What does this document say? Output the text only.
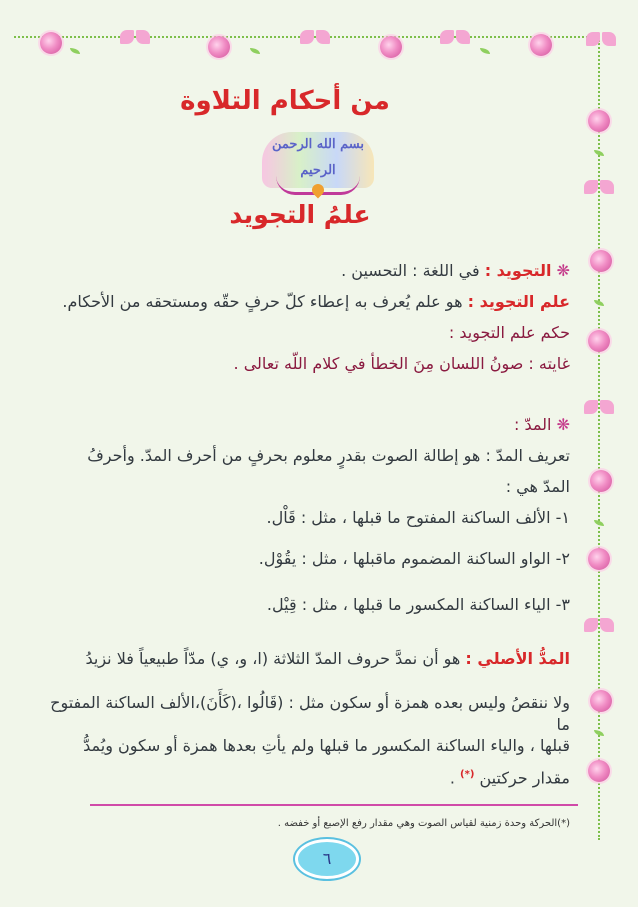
من أحكام التلاوة
بسم الله الرحمن الرحيم
علمُ التجويد
❋ التجويد : في اللغة : التحسين .
علم التجويد : هو علم يُعرف به إعطاء كلّ حرفٍ حقّه ومستحقه من الأحكام.
حكم علم التجويد :
غايته : صونُ اللسان مِنَ الخطأ في كلام اللّه تعالى .
❋ المدّ :
تعريف المدّ : هو إطالة الصوت بقدرٍ معلوم بحرفٍ من أحرف المدّ. وأحرفُ
المدّ هي :
١- الألف الساكنة المفتوح ما قبلها ، مثل : قَاْل.
٢- الواو الساكنة المضموم ماقبلها ، مثل : يقُوْل.
٣- الياء الساكنة المكسور ما قبلها ، مثل : قِيْل.
المدُّ الأصلي : هو أن نمدَّ حروف المدّ الثلاثة (ا، و، ي) مدّاً طبيعياً فلا نزيدُ
ولا ننقصُ وليس بعده همزة أو سكون مثل : (قَالُوا ،(كَأَنَ)،الألف الساكنة المفتوح ما
قبلها ، والياء الساكنة المكسور ما قبلها ولم يأتِ بعدها همزة أو سكون ويُمدُّ
مقدار حركتين (*) .
(*)الحركة وحدة زمنية لقياس الصوت وهي مقدار رفع الإصبع أو خفضه .
٦
